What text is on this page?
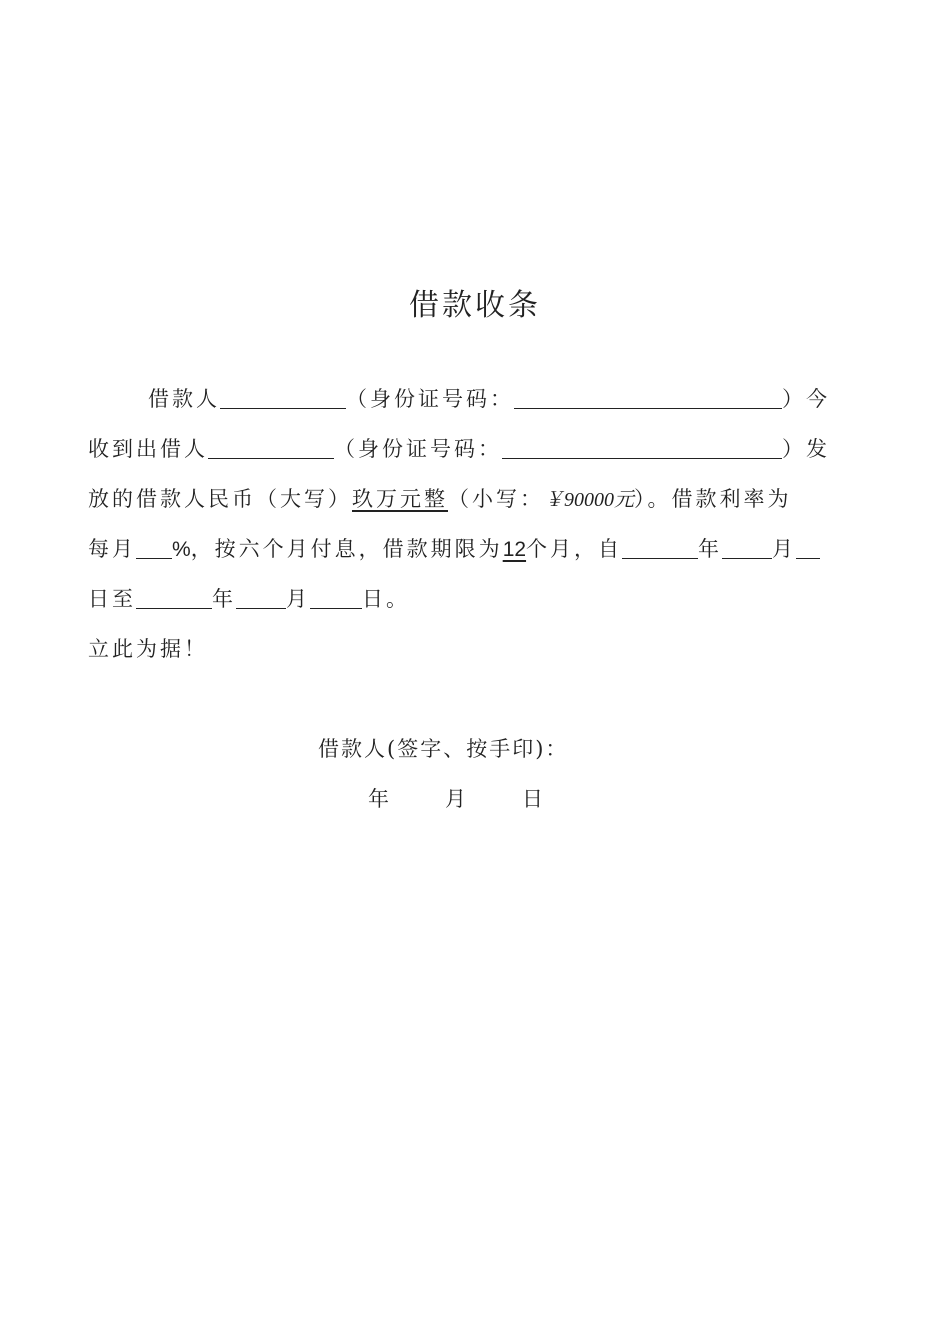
借款收条
借款人	（身份证号码：	）今
收到出借人	（身份证号码：	）发
放的借款人民币（大写）玖万元整（小写：￥90000元）。借款利率为
每月 %，按六个月付息，借款期限为12个月，自	年 月
日至	年 月 日。
立此为据！
借款人(签字、按手印)：
年	月	日
